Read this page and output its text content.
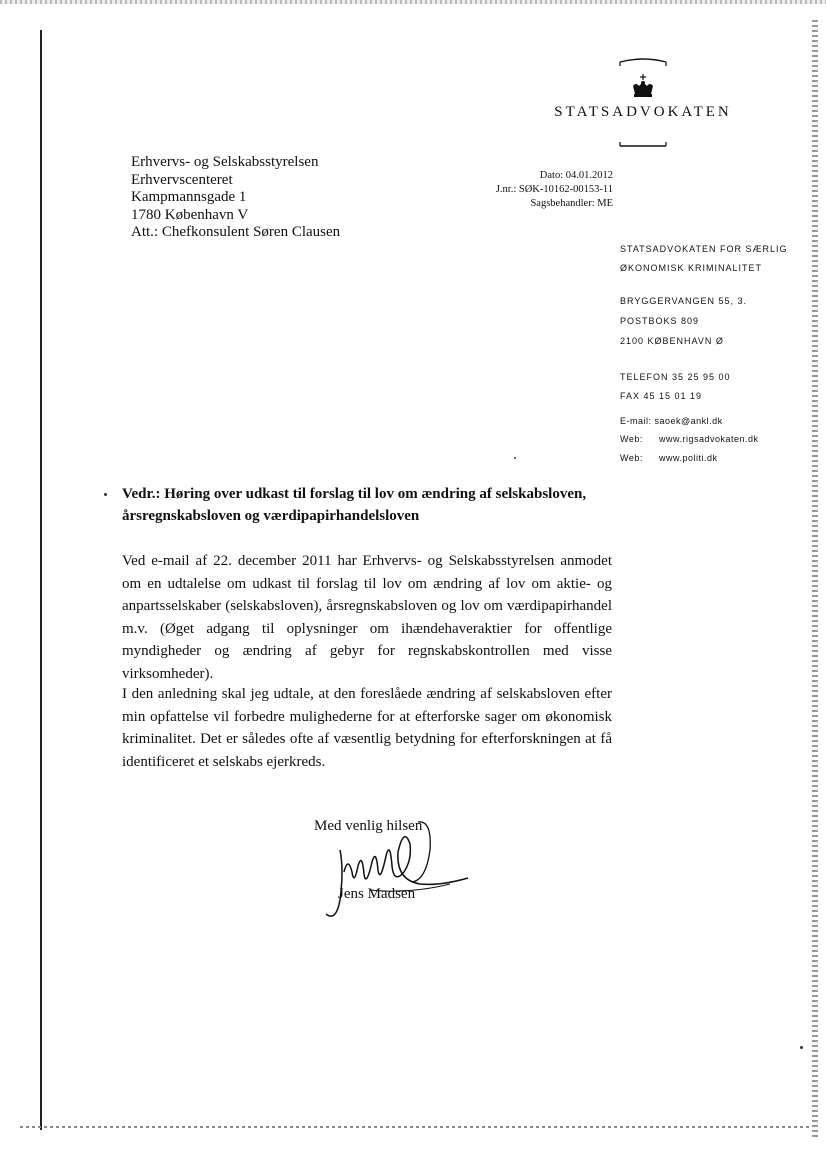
STATSADVOKATEN
Erhvervs- og Selskabsstyrelsen
Erhvervscenteret
Kampmannsgade 1
1780 København V
Att.: Chefkonsulent Søren Clausen
Dato: 04.01.2012
J.nr.: SØK-10162-00153-11
Sagsbehandler: ME
STATSADVOKATEN FOR SÆRLIG
ØKONOMISK KRIMINALITET
BRYGGERVANGEN 55, 3.
POSTBOKS 809
2100 KØBENHAVN Ø
TELEFON 35 25 95 00
FAX 45 15 01 19
E-mail: saoek@ankl.dk
Web: www.rigsadvokaten.dk
Web: www.politi.dk
Vedr.: Høring over udkast til forslag til lov om ændring af selskabsloven, årsregnskabsloven og værdipapirhandelsloven
Ved e-mail af 22. december 2011 har Erhvervs- og Selskabsstyrelsen anmodet om en udtalelse om udkast til forslag til lov om ændring af lov om aktie- og anpartsselskaber (selskabsloven), årsregnskabsloven og lov om værdipapirhandel m.v. (Øget adgang til oplysninger om ihændehaveraktier for offentlige myndigheder og ændring af gebyr for regnskabskontrollen med visse virksomheder).
I den anledning skal jeg udtale, at den foreslåede ændring af selskabsloven efter min opfattelse vil forbedre mulighederne for at efterforske sager om økonomisk kriminalitet. Det er således ofte af væsentlig betydning for efterforskningen at få identificeret et selskabs ejerkreds.
Med venlig hilsen
Jens Madsen
